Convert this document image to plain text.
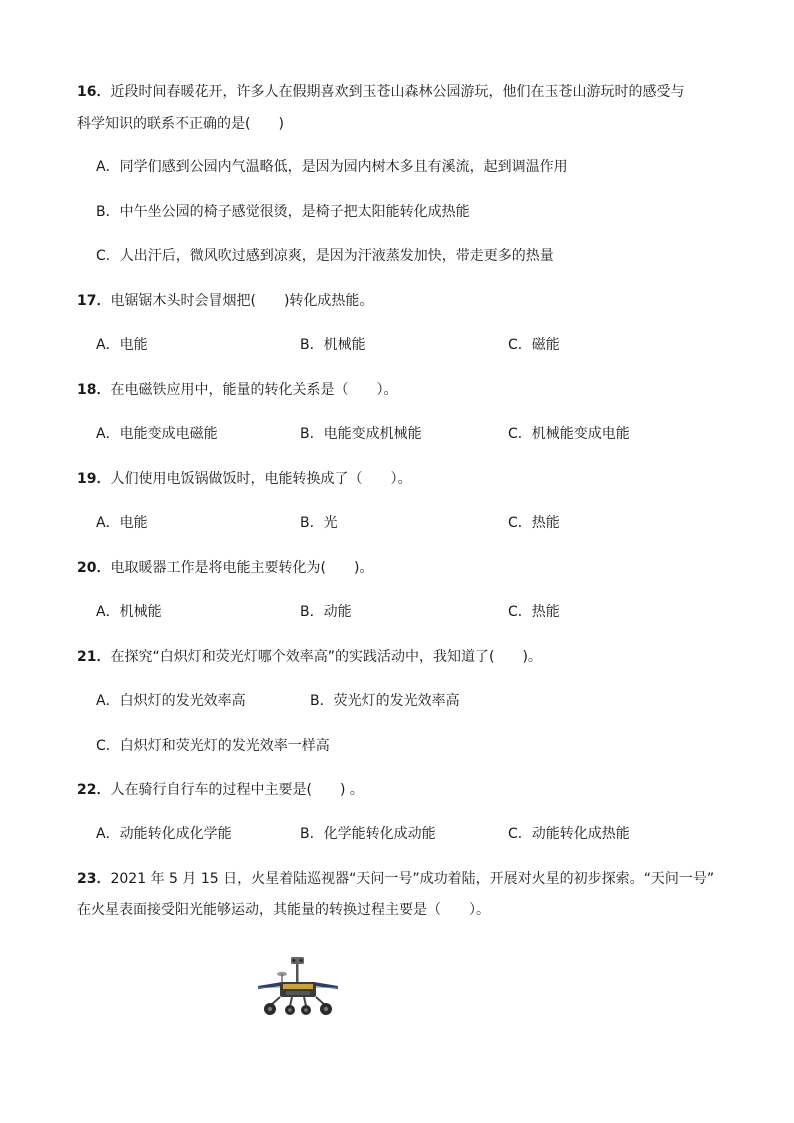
16．近段时间春暖花开，许多人在假期喜欢到玉苍山森林公园游玩，他们在玉苍山游玩时的感受与
科学知识的联系不正确的是(　　)
A．同学们感到公园内气温略低，是因为园内树木多且有溪流，起到调温作用
B．中午坐公园的椅子感觉很烫，是椅子把太阳能转化成热能
C．人出汗后，微风吹过感到凉爽，是因为汗液蒸发加快，带走更多的热量
17．电锯锯木头时会冒烟把(　　)转化成热能。
A．电能	B．机械能	C．磁能
18．在电磁铁应用中，能量的转化关系是（　　）。
A．电能变成电磁能	B．电能变成机械能	C．机械能变成电能
19．人们使用电饭锅做饭时，电能转换成了（　　）。
A．电能	B．光	C．热能
20．电取暖器工作是将电能主要转化为(　　)。
A．机械能	B．动能	C．热能
21．在探究“白炽灯和荧光灯哪个效率高”的实践活动中，我知道了(　　)。
A．白炽灯的发光效率高	B．荧光灯的发光效率高
C．白炽灯和荧光灯的发光效率一样高
22．人在骑行自行车的过程中主要是(　　) 。
A．动能转化成化学能	B．化学能转化成动能	C．动能转化成热能
23．2021 年 5 月 15 日，火星着陆巡视器“天问一号”成功着陆，开展对火星的初步探索。“天问一号”
在火星表面接受阳光能够运动，其能量的转换过程主要是（　　）。
